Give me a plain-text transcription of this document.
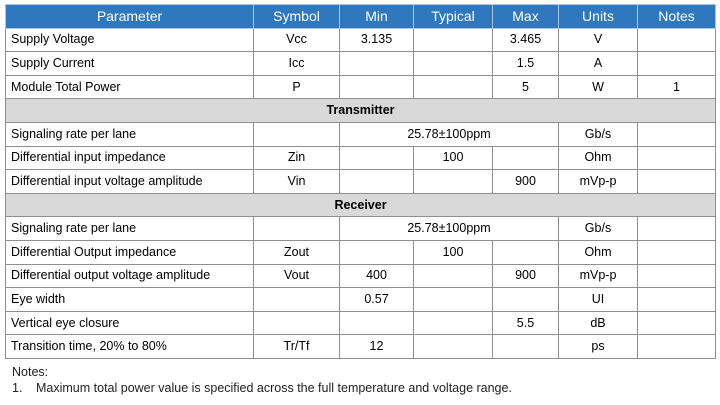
Parameter	Symbol	Min	Typical	Max	Units	Notes
Supply Voltage	Vcc	3.135		3.465	V	
Supply Current	Icc			1.5	A	
Module Total Power	P			5	W	1
Transmitter						
Signaling rate per lane		25.78±100ppm			Gb/s	
Differential input impedance	Zin		100		Ohm	
Differential input voltage amplitude	Vin			900	mVp-p	
Receiver						
Signaling rate per lane		25.78±100ppm			Gb/s	
Differential Output impedance	Zout		100		Ohm	
Differential output voltage amplitude	Vout	400		900	mVp-p	
Eye width		0.57			UI	
Vertical eye closure				5.5	dB	
Transition time, 20% to 80%	Tr/Tf	12			ps	
Notes:
1.	Maximum total power value is specified across the full temperature and voltage range.
